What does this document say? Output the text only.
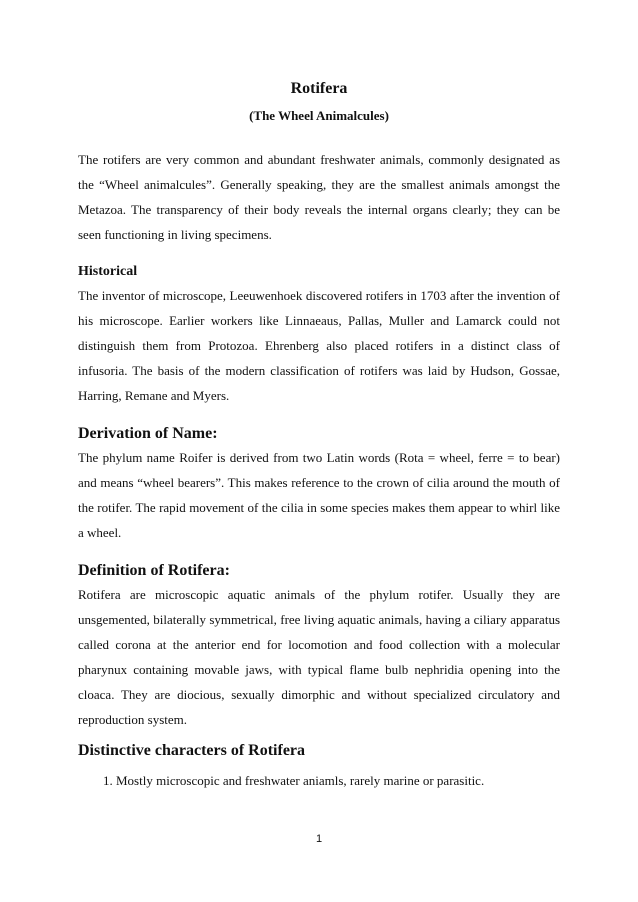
Rotifera
(The Wheel Animalcules)

The rotifers are very common and abundant freshwater animals, commonly designated as the “Wheel animalcules”. Generally speaking, they are the smallest animals amongst the Metazoa. The transparency of their body reveals the internal organs clearly; they can be seen functioning in living specimens.

Historical

The inventor of microscope, Leeuwenhoek discovered rotifers in 1703 after the invention of his microscope. Earlier workers like Linnaeaus, Pallas, Muller and Lamarck could not distinguish them from Protozoa. Ehrenberg also placed rotifers in a distinct class of infusoria. The basis of the modern classification of rotifers was laid by Hudson, Gossae, Harring, Remane and Myers.

Derivation of Name:

The phylum name Roifer is derived from two Latin words (Rota = wheel, ferre = to bear) and means “wheel bearers”. This makes reference to the crown of cilia around the mouth of the rotifer. The rapid movement of the cilia in some species makes them appear to whirl like a wheel.

Definition of Rotifera:

Rotifera are microscopic aquatic animals of the phylum rotifer. Usually they are unsgemented, bilaterally symmetrical, free living aquatic animals, having a ciliary apparatus called corona at the anterior end for locomotion and food collection with a molecular pharynux containing movable jaws, with typical flame bulb nephridia opening into the cloaca. They are diocious, sexually dimorphic and without specialized circulatory and reproduction system.

Distinctive characters of Rotifera

1. Mostly microscopic and freshwater aniamls, rarely marine or parasitic.
1
